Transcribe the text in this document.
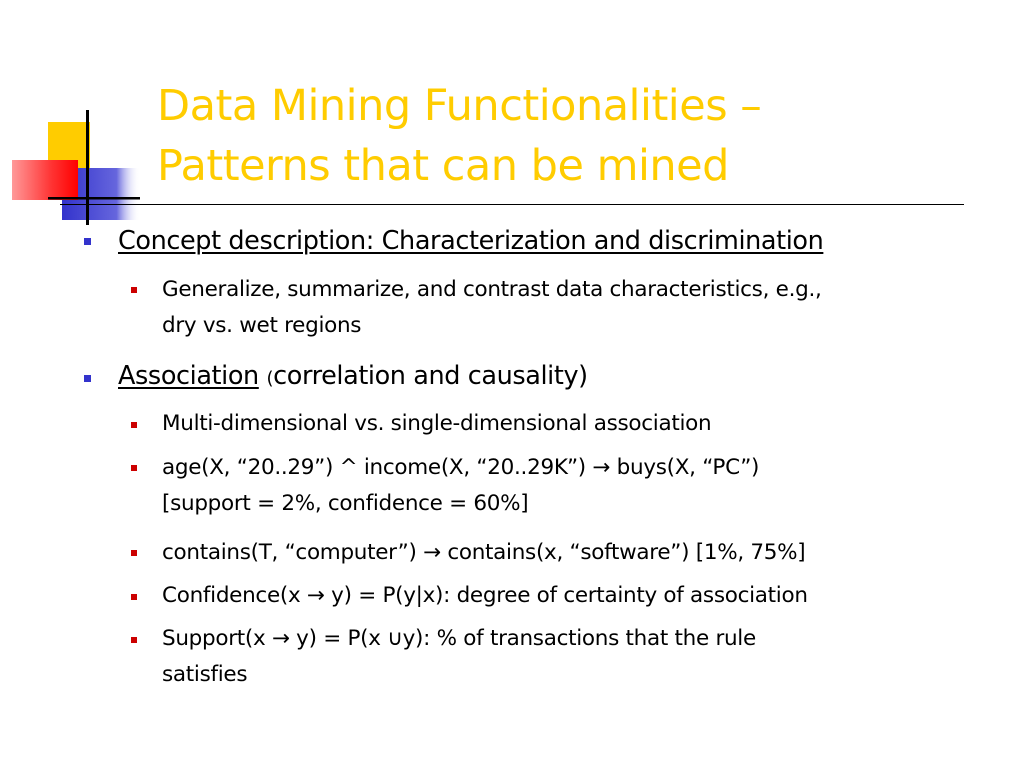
Data Mining Functionalities –
Patterns that can be mined
Concept description: Characterization and discrimination
Generalize, summarize, and contrast data characteristics, e.g.,
dry vs. wet regions
Association (correlation and causality)
Multi-dimensional vs. single-dimensional association
age(X, “20..29”) ^ income(X, “20..29K”) → buys(X, “PC”)
[support = 2%, confidence = 60%]
contains(T, “computer”) → contains(x, “software”) [1%, 75%]
Confidence(x → y) = P(y|x): degree of certainty of association
Support(x → y) = P(x ∪y): % of transactions that the rule
satisfies
